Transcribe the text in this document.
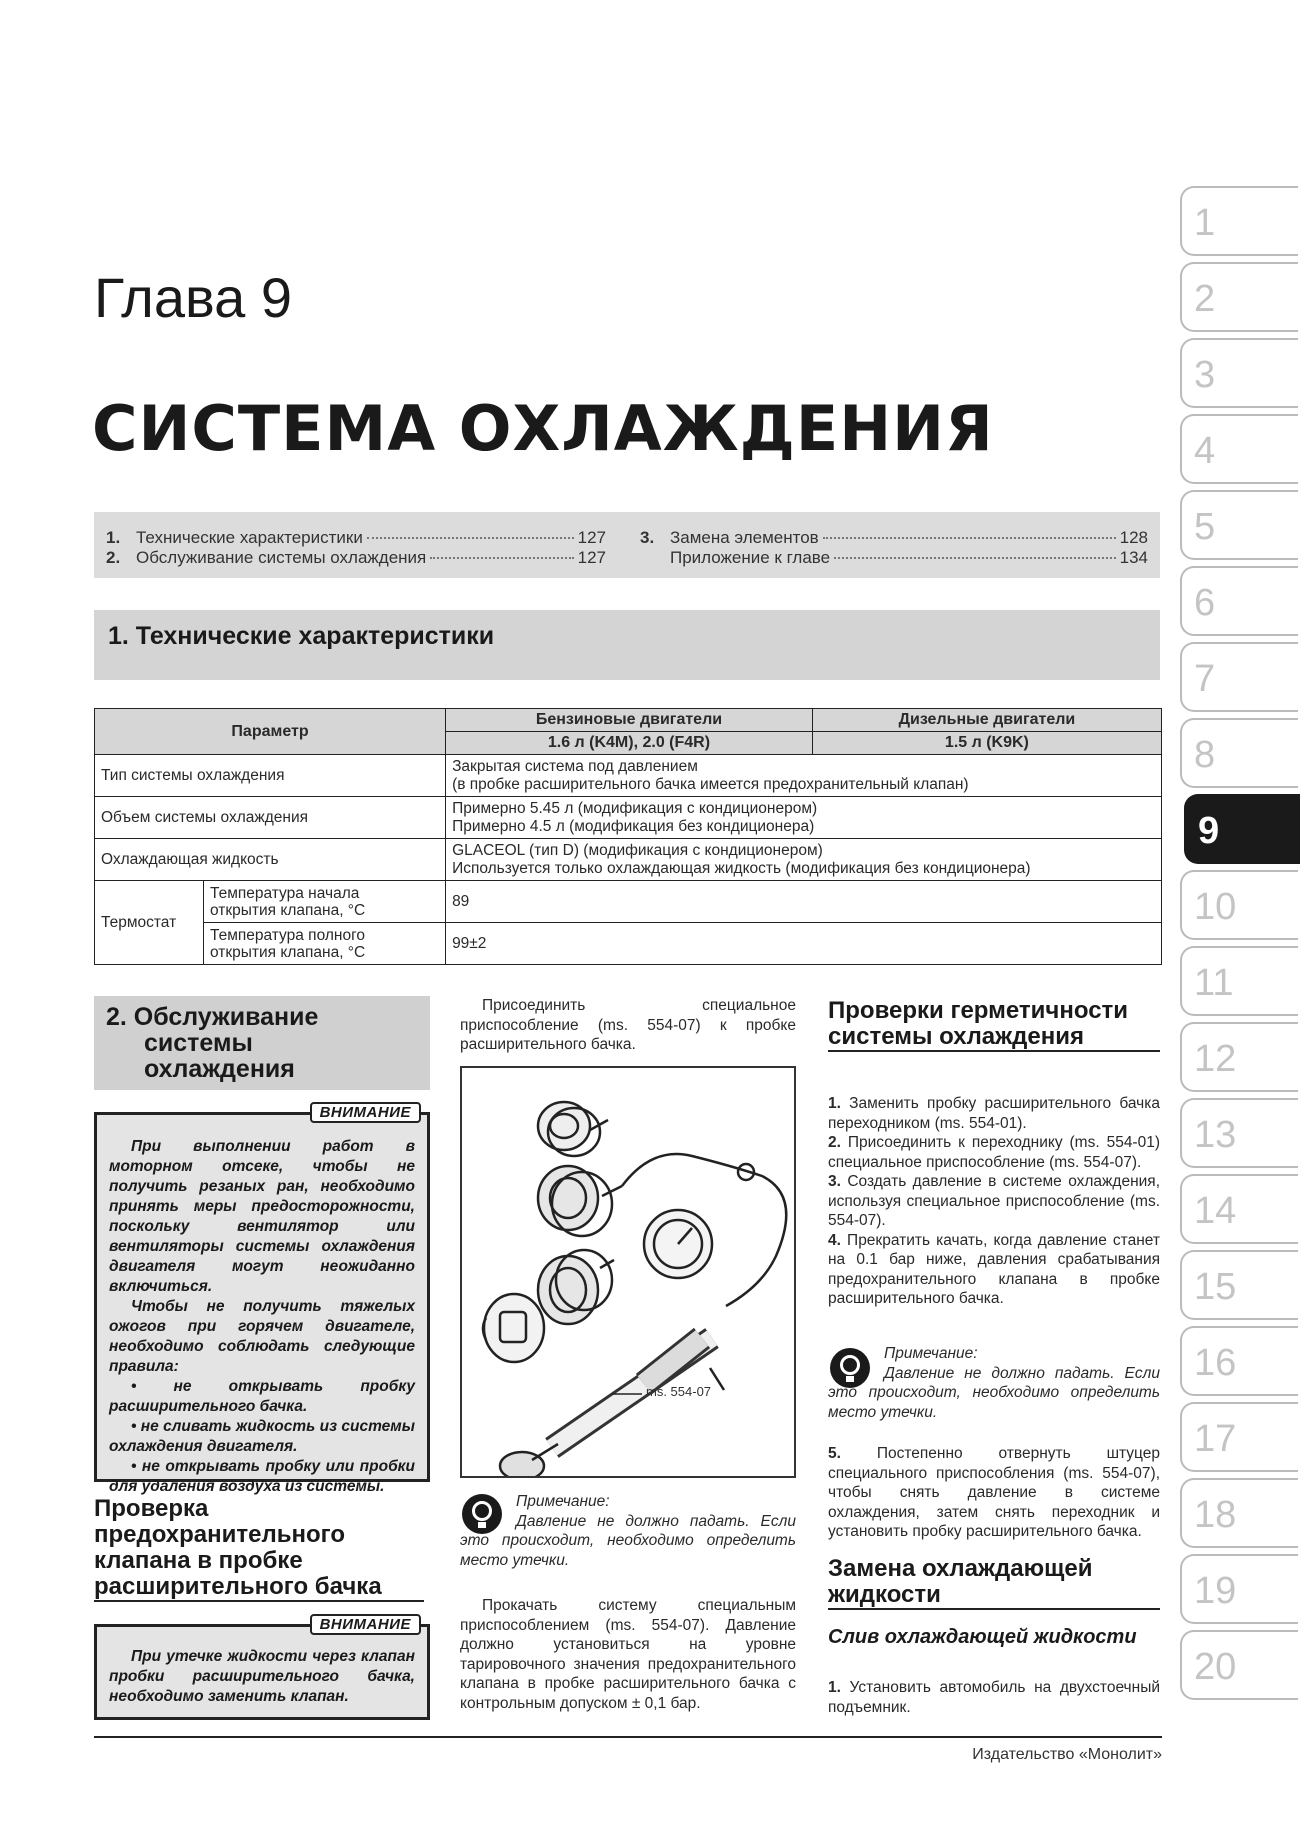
Глава 9
СИСТЕМА ОХЛАЖДЕНИЯ
1. Технические характеристики	127
2. Обслуживание системы охлаждения	127
3. Замена элементов	128
Приложение к главе	134
1. Технические характеристики
Параметр		Бензиновые двигатели	Дизельные двигатели
		1.6 л (K4M), 2.0 (F4R)	1.5 л (K9K)
Тип системы охлаждения		Закрытая система под давлением
(в пробке расширительного бачка имеется предохранительный клапан)	

Объем системы охлаждения		Примерно 5.45 л (модификация с кондиционером)
Примерно 4.5 л (модификация без кондиционера)	

Охлаждающая жидкость		GLACEOL (тип D) (модификация с кондиционером)
Используется только охлаждающая жидкость (модификация без кондиционера)	

Термостат	Температура начала
открытия клапана, °С	89	

	Температура полного
открытия клапана, °С	99±2	
1
2
3
4
5
6
7
8
9
10
11
12
13
14
15
16
17
18
19
20
2. Обслуживание
системы
охлаждения
ВНИМАНИЕ

При выполнении работ в моторном отсеке, чтобы не получить резаных ран, необходимо принять меры предосторожности, поскольку вентилятор или вентиляторы системы охлаждения двигателя могут неожиданно включиться.

Чтобы не получить тяжелых ожогов при горячем двигателе, необходимо соблюдать следующие правила:

• не открывать пробку расширительного бачка.

• не сливать жидкость из системы охлаждения двигателя.

• не открывать пробку или пробки для удаления воздуха из системы.

Проверка предохранительного клапана в пробке расширительного бачка
ВНИМАНИЕ

При утечке жидкости через клапан пробки расширительного бачка, необходимо заменить клапан.

Присоединить специальное приспособление (ms. 554-07) к пробке расширительного бачка.

ms. 554-07
Примечание:
Давление не должно падать. Если это происходит, необходимо определить место утечки.

Прокачать систему специальным приспособлением (ms. 554-07). Давление должно установиться на уровне тарировочного значения предохранительного клапана в пробке расширительного бачка с контрольным допуском ± 0,1 бар.

Проверки герметичности системы охлаждения

1. Заменить пробку расширительного бачка переходником (ms. 554-01).

2. Присоединить к переходнику (ms. 554-01) специальное приспособление (ms. 554-07).

3. Создать давление в системе охлаждения, используя специальное приспособление (ms. 554-07).

4. Прекратить качать, когда давление станет на 0.1 бар ниже, давления срабатывания предохранительного клапана в пробке расширительного бачка.

Примечание:
Давление не должно падать. Если это происходит, необходимо определить место утечки.

5. Постепенно отвернуть штуцер специального приспособления (ms. 554-07), чтобы снять давление в системе охлаждения, затем снять переходник и установить пробку расширительного бачка.

Замена охлаждающей жидкости
Слив охлаждающей жидкости

1. Установить автомобиль на двухстоечный подъемник.

Издательство «Монолит»
